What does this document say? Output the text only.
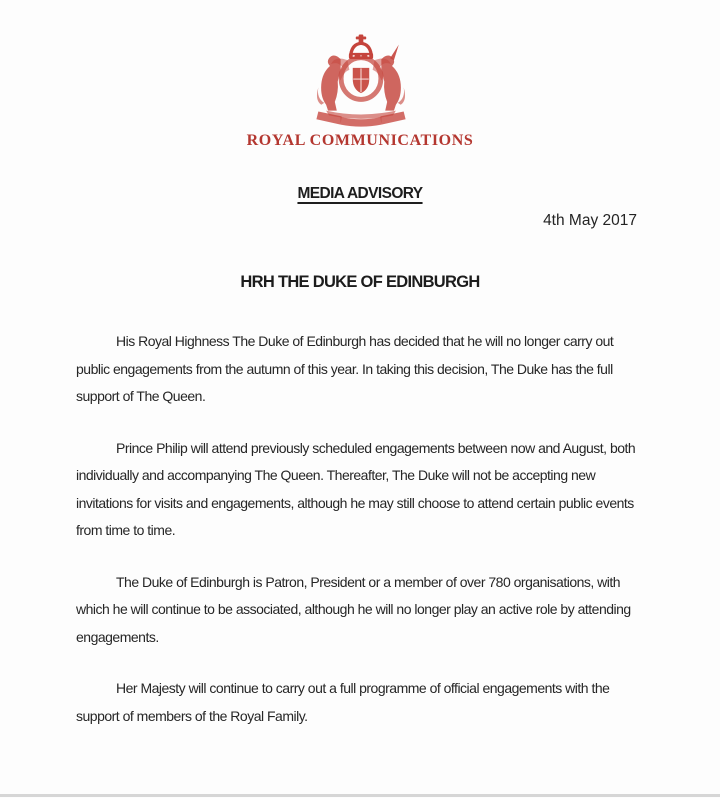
ROYAL COMMUNICATIONS
MEDIA ADVISORY
4th May 2017
HRH THE DUKE OF EDINBURGH

His Royal Highness The Duke of Edinburgh has decided that he will no longer carry out public engagements from the autumn of this year. In taking this decision, The Duke has the full support of The Queen.

Prince Philip will attend previously scheduled engagements between now and August, both individually and accompanying The Queen. Thereafter, The Duke will not be accepting new invitations for visits and engagements, although he may still choose to attend certain public events from time to time.

The Duke of Edinburgh is Patron, President or a member of over 780 organisations, with which he will continue to be associated, although he will no longer play an active role by attending engagements.

Her Majesty will continue to carry out a full programme of official engagements with the support of members of the Royal Family.
